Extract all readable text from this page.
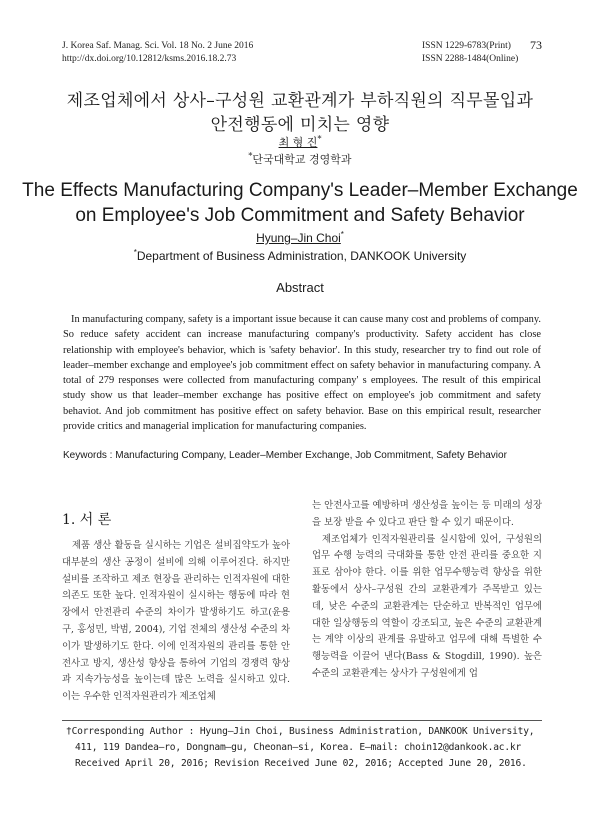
J. Korea Saf. Manag. Sci. Vol. 18 No. 2 June 2016
http://dx.doi.org/10.12812/ksms.2016.18.2.73
ISSN 1229-6783(Print)
ISSN 2288-1484(Online)
73
제조업체에서 상사–구성원 교환관계가 부하직원의 직무몰입과
안전행동에 미치는 영향
최 형 진*
*단국대학교 경영학과
The Effects Manufacturing Company's Leader–Member Exchange
on Employee's Job Commitment and Safety Behavior
Hyung–Jin Choi*
*Department of Business Administration, DANKOOK University
Abstract

In manufacturing company, safety is a important issue because it can cause many cost and problems of company. So reduce safety accident can increase manufacturing company's productivity. Safety accident has close relationship with employee's behavior, which is 'safety behavior'. In this study, researcher try to find out role of leader–member exchange and employee's job commitment effect on safety behavior in manufacturing company. A total of 279 responses were collected from manufacturing company' s employees. The result of this empirical study show us that leader–member exchange has positive effect on employee's job commitment and safety behaviot. And job commitment has positive effect on safety behavior. Base on this empirical result, researcher provide critics and managerial implication for manufacturing companies.

Keywords : Manufacturing Company, Leader–Member Exchange, Job Commitment, Safety Behavior
1. 서 론

제품 생산 활동을 실시하는 기업은 설비집약도가 높아 대부분의 생산 공정이 설비에 의해 이루어진다. 하지만 설비를 조작하고 제조 현장을 관리하는 인적자원에 대한 의존도 또한 높다. 인적자원이 실시하는 행동에 따라 현장에서 안전관리 수준의 차이가 발생하기도 하고(윤용구, 홍성민, 박범, 2004), 기업 전체의 생산성 수준의 차이가 발생하기도 한다. 이에 인적자원의 관리를 통한 안전사고 방지, 생산성 향상을 통하여 기업의 경쟁력 향상과 지속가능성을 높이는데 많은 노력을 실시하고 있다. 이는 우수한 인적자원관리가 제조업체

는 안전사고를 예방하며 생산성을 높이는 등 미래의 성장을 보장 받을 수 있다고 판단 할 수 있기 때문이다.

제조업체가 인적자원관리를 실시함에 있어, 구성원의 업무 수행 능력의 극대화를 통한 안전 관리를 중요한 지표로 삼아야 한다. 이를 위한 업무수행능력 향상을 위한 활동에서 상사–구성원 간의 교환관계가 주목받고 있는데, 낮은 수준의 교환관계는 단순하고 반복적인 업무에 대한 일상행동의 역할이 강조되고, 높은 수준의 교환관계는 계약 이상의 관계를 유발하고 업무에 대해 특별한 수행능력을 이끌어 낸다(Bass & Stogdill, 1990). 높은 수준의 교환관계는 상사가 구성원에게 업

†Corresponding Author : Hyung–Jin Choi, Business Administration, DANKOOK University,
411, 119 Dandea–ro, Dongnam–gu, Cheonan–si, Korea. E–mail: choin12@dankook.ac.kr
Received April 20, 2016; Revision Received June 02, 2016; Accepted June 20, 2016.
